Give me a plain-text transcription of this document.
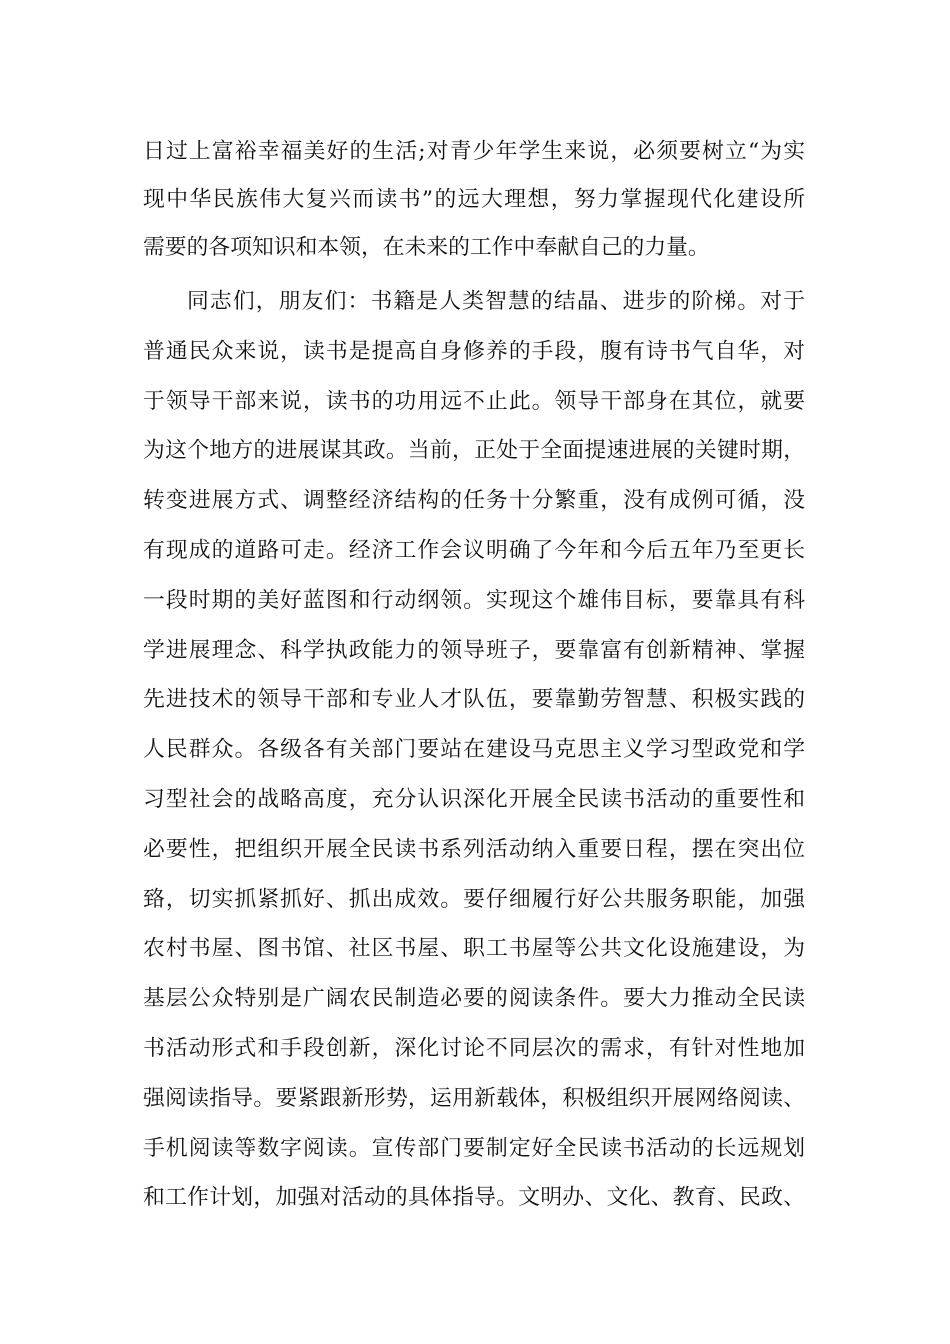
日过上富裕幸福美好的生活;对青少年学生来说，必须要树立“为实
现中华民族伟大复兴而读书”的远大理想，努力掌握现代化建设所
需要的各项知识和本领，在未来的工作中奉献自己的力量。
同志们，朋友们：书籍是人类智慧的结晶、进步的阶梯。对于
普通民众来说，读书是提高自身修养的手段，腹有诗书气自华，对
于领导干部来说，读书的功用远不止此。领导干部身在其位，就要
为这个地方的进展谋其政。当前，正处于全面提速进展的关键时期，
转变进展方式、调整经济结构的任务十分繁重，没有成例可循，没
有现成的道路可走。经济工作会议明确了今年和今后五年乃至更长
一段时期的美好蓝图和行动纲领。实现这个雄伟目标，要靠具有科
学进展理念、科学执政能力的领导班子，要靠富有创新精神、掌握
先进技术的领导干部和专业人才队伍，要靠勤劳智慧、积极实践的
人民群众。各级各有关部门要站在建设马克思主义学习型政党和学
习型社会的战略高度，充分认识深化开展全民读书活动的重要性和
必要性，把组织开展全民读书系列活动纳入重要日程，摆在突出位
臵，切实抓紧抓好、抓出成效。要仔细履行好公共服务职能，加强
农村书屋、图书馆、社区书屋、职工书屋等公共文化设施建设，为
基层公众特别是广阔农民制造必要的阅读条件。要大力推动全民读
书活动形式和手段创新，深化讨论不同层次的需求，有针对性地加
强阅读指导。要紧跟新形势，运用新载体，积极组织开展网络阅读、
手机阅读等数字阅读。宣传部门要制定好全民读书活动的长远规划
和工作计划，加强对活动的具体指导。文明办、文化、教育、民政、
